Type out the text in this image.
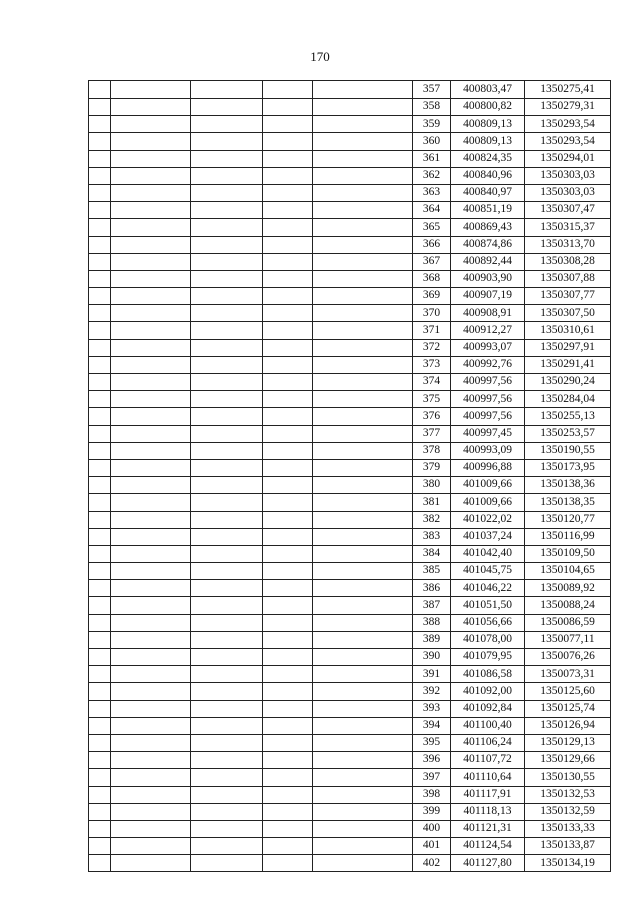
170
					357	400803,47	1350275,41
					358	400800,82	1350279,31
					359	400809,13	1350293,54
					360	400809,13	1350293,54
					361	400824,35	1350294,01
					362	400840,96	1350303,03
					363	400840,97	1350303,03
					364	400851,19	1350307,47
					365	400869,43	1350315,37
					366	400874,86	1350313,70
					367	400892,44	1350308,28
					368	400903,90	1350307,88
					369	400907,19	1350307,77
					370	400908,91	1350307,50
					371	400912,27	1350310,61
					372	400993,07	1350297,91
					373	400992,76	1350291,41
					374	400997,56	1350290,24
					375	400997,56	1350284,04
					376	400997,56	1350255,13
					377	400997,45	1350253,57
					378	400993,09	1350190,55
					379	400996,88	1350173,95
					380	401009,66	1350138,36
					381	401009,66	1350138,35
					382	401022,02	1350120,77
					383	401037,24	1350116,99
					384	401042,40	1350109,50
					385	401045,75	1350104,65
					386	401046,22	1350089,92
					387	401051,50	1350088,24
					388	401056,66	1350086,59
					389	401078,00	1350077,11
					390	401079,95	1350076,26
					391	401086,58	1350073,31
					392	401092,00	1350125,60
					393	401092,84	1350125,74
					394	401100,40	1350126,94
					395	401106,24	1350129,13
					396	401107,72	1350129,66
					397	401110,64	1350130,55
					398	401117,91	1350132,53
					399	401118,13	1350132,59
					400	401121,31	1350133,33
					401	401124,54	1350133,87
					402	401127,80	1350134,19
